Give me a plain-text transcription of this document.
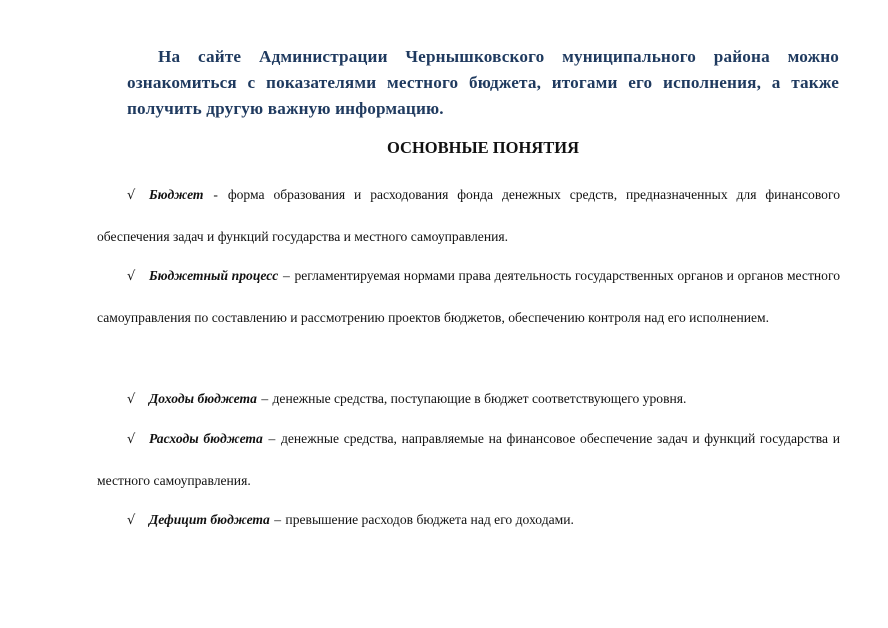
На сайте Администрации Чернышковского муниципального района можно ознакомиться с показателями местного бюджета, итогами его исполнения, а также получить другую важную информацию.

ОСНОВНЫЕ ПОНЯТИЯ

√ Бюджет - форма образования и расходования фонда денежных средств, предназначенных для финансового обеспечения задач и функций государства и местного самоуправления.

√ Бюджетный процесс – регламентируемая нормами права деятельность государственных органов и органов местного самоуправления по составлению и рассмотрению проектов бюджетов, обеспечению контроля над его исполнением.

√ Доходы бюджета – денежные средства, поступающие в бюджет соответствующего уровня.

√ Расходы бюджета – денежные средства, направляемые на финансовое обеспечение задач и функций государства и местного самоуправления.

√ Дефицит бюджета – превышение расходов бюджета над его доходами.
